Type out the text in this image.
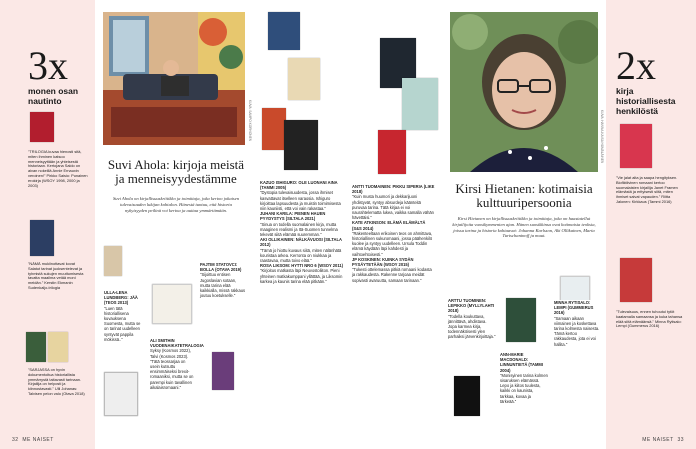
3x
monen osan nautinto
"TRILOGIA kuvaa hienosti sitä, miten ihminen katsoo menneisyyttään ja yhteisestä historiaan. Kertojana Saldo on aivan nokeillä Annie Ernauxin veroinen!" Pirkko Saisio: Punainen erokirja (WSOY 1998, 2000 ja 2003)
"NÄMÄ mukiinottavat kovat Salatut tarinat juoksentelevat ja tyhmistä sukujen muuttumisesta tavatta maailma vetää moni meidän." Kerstin Ekmanin Sudenkaljo-trilogia
"SARJASSA on hyvin dokumentoitua historiallista ymmärrystä taitavasti tarinaan. Kirjailija on helposti ja kiinnostavasti." Ulli Johanas: Talvisen pelon valo (Otava 2018)
KUVA: SAMPO KORHONEN
Suvi Ahola: kirjoja meistä ja menneisyydestämme
Suvi Ahola on kirjallisuuskriitikko ja toimittaja, joka kertoo jokaisen tulevaisuuden lukijan kohtalon. Hänestä tuntuu, että historia nykyisyyden peilinä voi kertoa ja auttaa ymmärtämään.
ULLA-LENA LUNDBERG: JÄÄ (TEOS 2013)
"Luen tätä historiallisena kuvauksena Suomesta, mutta se on tarinat uudelleen syntyvät pappila mökissä.."	ALI SMITHIN VUODENAIKATETRALOGIA
Syksy (Kosmos 2022), Talvi (Kosmos 2023). "Tätä teossarjaa on usein kutsuttu ensimmäiseksi brexit-romaaniksi, mutta se on parempi kuin tavallinen aikalaisromaani."
PAJTIM STATOVCI: BOLLA (OTAVA 2019)
"Sijoittuu entisen Jugoslavian sotaan, mutta tarina elää kaikkialla, missä rakkaus joutuu koetukselle."
KAZUO ISHIGURO: OLE LUONANI AINA (TAMMI 2005)
"Dystopia tulevaisuudesta, jossa ihmiset kasvattavat itselleen varaosia. Ishiguro kirjoittaa lapsuudesta ja muistin toimimisesta niin kauniisti, että voi vain rakastaa."

JUHANI KARILA: PIENEN HAUEN PYYDYSTYS (SILTALA 2021)
"Sinua on todella suomalainen kirja, mutta maaginen realismi ja Itä-Suomen tunnelma tekevät siitä elämää suuremman."

AKI OLLIKAINEN: NÄLKÄVUOSI (SILTALA 2012)
"Tämä jo hiottu kuvaus siitä, miten nälänhätä kouristaa arkea. Kerronta on niukkaa ja raastavaa, mutta toivo elää."

ROSA LIKSOM: HYTTI NRO 6 (WSOY 2011)
"Kirjoitus matkasta läpi Neuvostoliiton. Pieni yhteinen matkakumppani yllättää, ja Liksomin karkea ja kaunis tarina elää pitkään."
32 ME NAISET
ANTTI TUOMAINEN: PIKKU SIPERIA (LIKE 2018)
"Kuin musta huumori ja dekkarijuoni yhdistyvät, syntyy absurdeja käänteitä puruvaa tarina. Tätä kirjaa ei voi naurahtelematta lukea, vaikka samalla vähän hävettäisi."

KATE ATKINSON: ELÄMÄ ELÄMÄLTÄ (S&S 2014)
"Rakenteeltaan erikoinen teos on ahmittava, historiallinen sukuromaani, jossa päähenkilö kuolee ja syntyy uudelleen. Ursula Toddin elämä käydään läpi kahdesti ja vaihtoehtoisesti."

JP KOSKINEN: KUINKA SYDÄN PYSÄYTETÄÄN (WSOY 2015)
"Tukesti ottelemassa pitkiä romaani kodasta ja rakkaudesta. Rakenne tarjoaa meidät sopivasti avaruutta, samaan tarinaan."
KUVA: HANNA-KAISA HÄMÄLÄINEN
Kirsi Hietanen: kotimaisia kulttuuripersoonia
Kirsi Hietanen on kirjallisuuskriitikko ja toimittaja, joka on haastatellut kirjailijoita vuosikymmenten ajan. Hänen suosikkinsa ovat kotimaisia teoksia, joissa tarina ja historia kohtaavat: Johanna Karlsson, Aki Ollikainen, Maria Turtschaninoff ja muut.
ARTTU TUOMINEN: LEPIKKO (MYLLYLAHTI 2018)
"Todella koukuttava, jännittävä, ahdistava. Jopa karmea kirja, todennäköisesti ylen parhaiksi järvenkirjoittaja."
ANN-MARIE MACDONALD: LINNUNTIETÄ (TAMMI 2004)
"Monisyinen tarina kolmen sisaruksen elämässä. Lepo ja kiitos tuulesta, kaikki on kaunista, tarkkaa, kovaa ja tärkeää."
MINNA RYTISALO: LEMPI (GUMMERUS 2016)
"Samaan aikaan viimainen ja koskettava tarina kolmesta naisesta. Tämä kertoo rakkaudesta, jota ei voi hallita."
2x
kirja historiallisesta henkilöstä
"Vie jalat alta ja saapa hengityksen. Biofiktiivinen romaani kertoo suomalaisten kirjailija Janet Framen elämästä ja erityisesti siitä, miten ihmiset saivat vapauden." Riitta Jalonen: Kirkkaus (Tammi 2016)
"Tulevaisuus, ennen tuhoutui tytöt kaatamalla samaansa ja kuka tahansa elää siitä elämäänsä." Minna Rytisalo: Lempi (Gummerus 2016)
ME NAISET 33
